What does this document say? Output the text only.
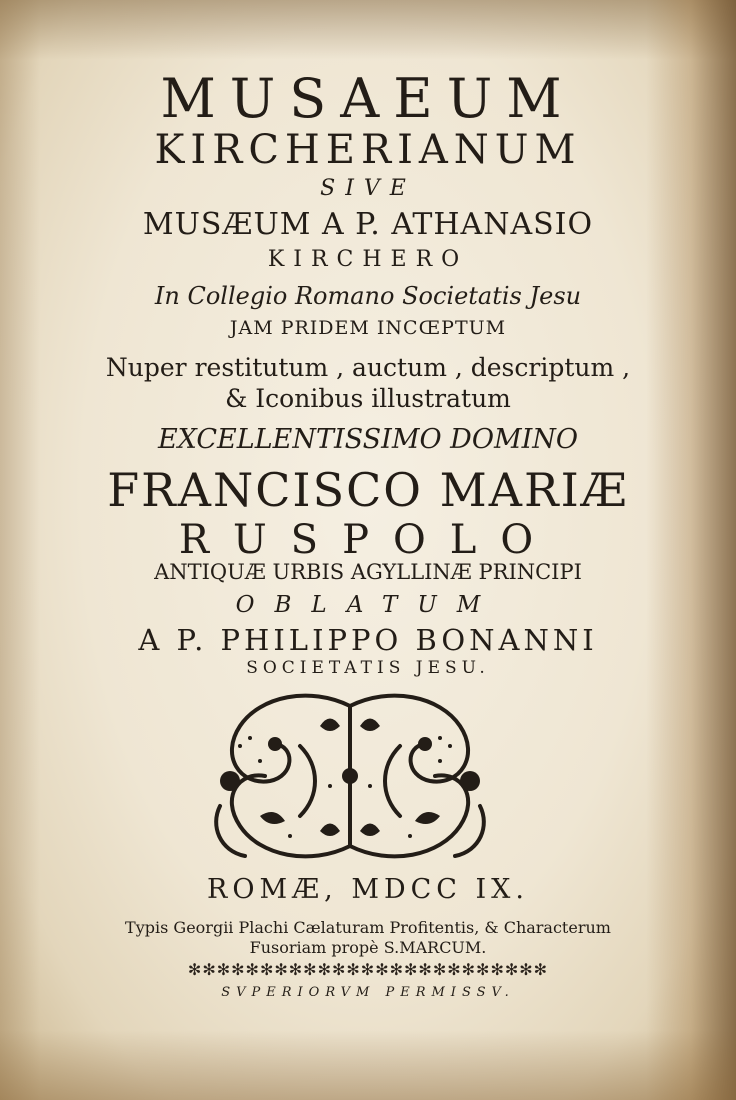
MUSAEUM
KIRCHERIANUM
SIVE
MUSÆUM A P. ATHANASIO
KIRCHERO
In Collegio Romano Societatis Jesu
JAM PRIDEM INCŒPTUM
Nuper restitutum , auctum , descriptum ,
& Iconibus illustratum
EXCELLENTISSIMO DOMINO
FRANCISCO MARIÆ
RUSPOLO
ANTIQUÆ URBIS AGYLLINÆ PRINCIPI
OBLATUM
A P. PHILIPPO BONANNI
SOCIETATIS JESU.
ROMÆ, MDCC IX.
Typis Georgii Plachi Cælaturam Profitentis, & Characterum
Fusoriam propè S.MARCUM.
✻✻✻✻✻✻✻✻✻✻✻✻✻✻✻✻✻✻✻✻✻✻✻✻✻
SVPERIORVM PERMISSV.
